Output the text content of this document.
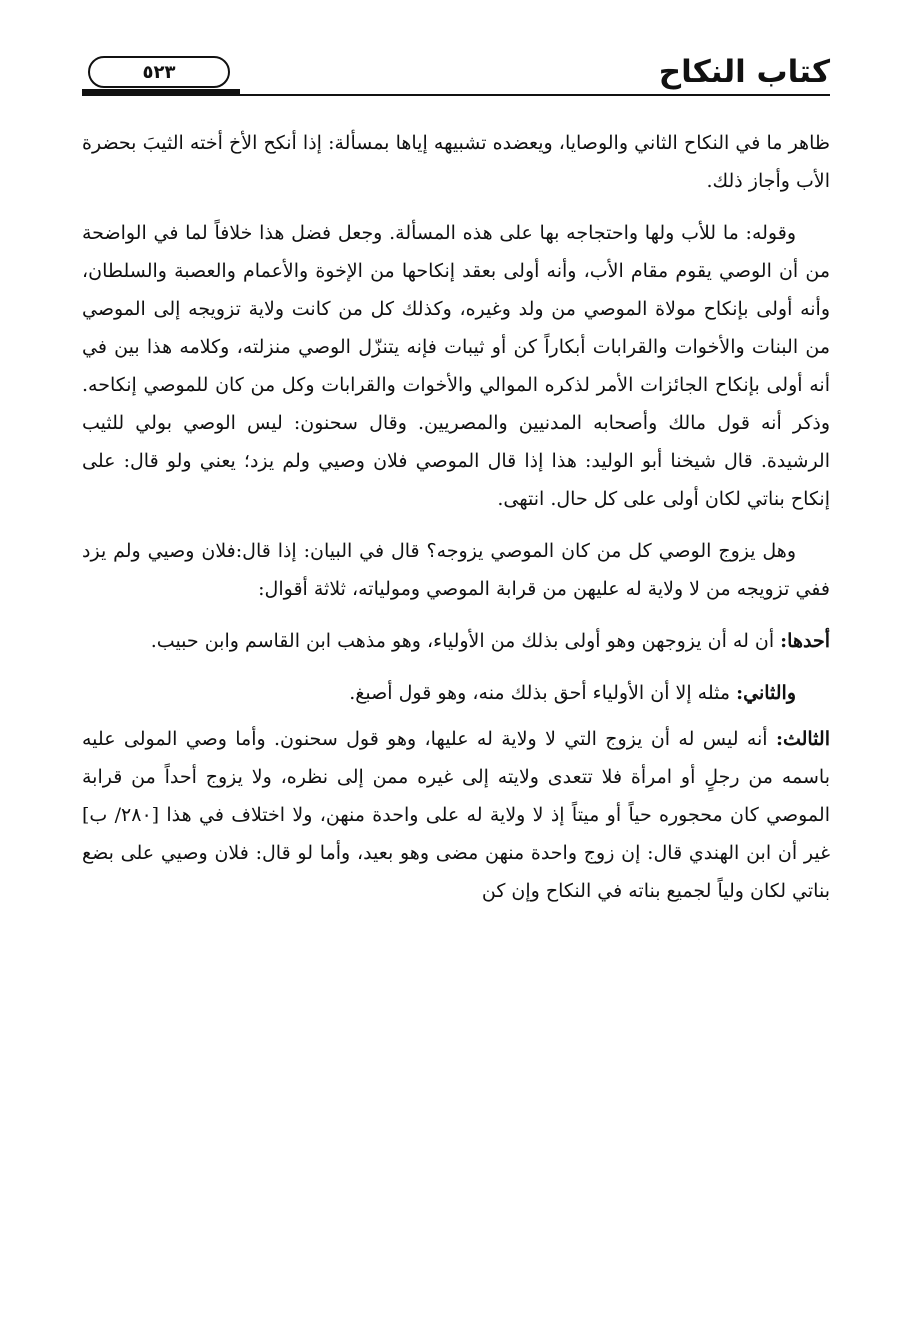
كتاب النكاح
٥٢٣

ظاهر ما في النكاح الثاني والوصايا، ويعضده تشبيهه إياها بمسألة: إذا أنكح الأخ أخته الثيبَ بحضرة الأب وأجاز ذلك.

وقوله: ما للأب ولها واحتجاجه بها على هذه المسألة. وجعل فضل هذا خلافاً لما في الواضحة من أن الوصي يقوم مقام الأب، وأنه أولى بعقد إنكاحها من الإخوة والأعمام والعصبة والسلطان، وأنه أولى بإنكاح مولاة الموصي من ولد وغيره، وكذلك كل من كانت ولاية تزويجه إلى الموصي من البنات والأخوات والقرابات أبكاراً كن أو ثيبات فإنه يتنزّل الوصي منزلته، وكلامه هذا بين في أنه أولى بإنكاح الجائزات الأمر لذكره الموالي والأخوات والقرابات وكل من كان للموصي إنكاحه. وذكر أنه قول مالك وأصحابه المدنيين والمصريين. وقال سحنون: ليس الوصي بولي للثيب الرشيدة. قال شيخنا أبو الوليد: هذا إذا قال الموصي فلان وصيي ولم يزد؛ يعني ولو قال: على إنكاح بناتي لكان أولى على كل حال. انتهى.

وهل يزوج الوصي كل من كان الموصي يزوجه؟ قال في البيان: إذا قال:فلان وصيي ولم يزد ففي تزويجه من لا ولاية له عليهن من قرابة الموصي ومولياته، ثلاثة أقوال:

أحدها: أن له أن يزوجهن وهو أولى بذلك من الأولياء، وهو مذهب ابن القاسم وابن حبيب.

والثاني: مثله إلا أن الأولياء أحق بذلك منه، وهو قول أصبغ.

الثالث: أنه ليس له أن يزوج التي لا ولاية له عليها، وهو قول سحنون. وأما وصي المولى عليه باسمه من رجلٍ أو امرأة فلا تتعدى ولايته إلى غيره ممن إلى نظره، ولا يزوج أحداً من قرابة الموصي كان محجوره حياً أو ميتاً إذ لا ولاية له على واحدة منهن، ولا اختلاف في هذا [٢٨٠/ ب] غير أن ابن الهندي قال: إن زوج واحدة منهن مضى وهو بعيد، وأما لو قال: فلان وصيي على بضع بناتي لكان ولياً لجميع بناته في النكاح وإن كن
